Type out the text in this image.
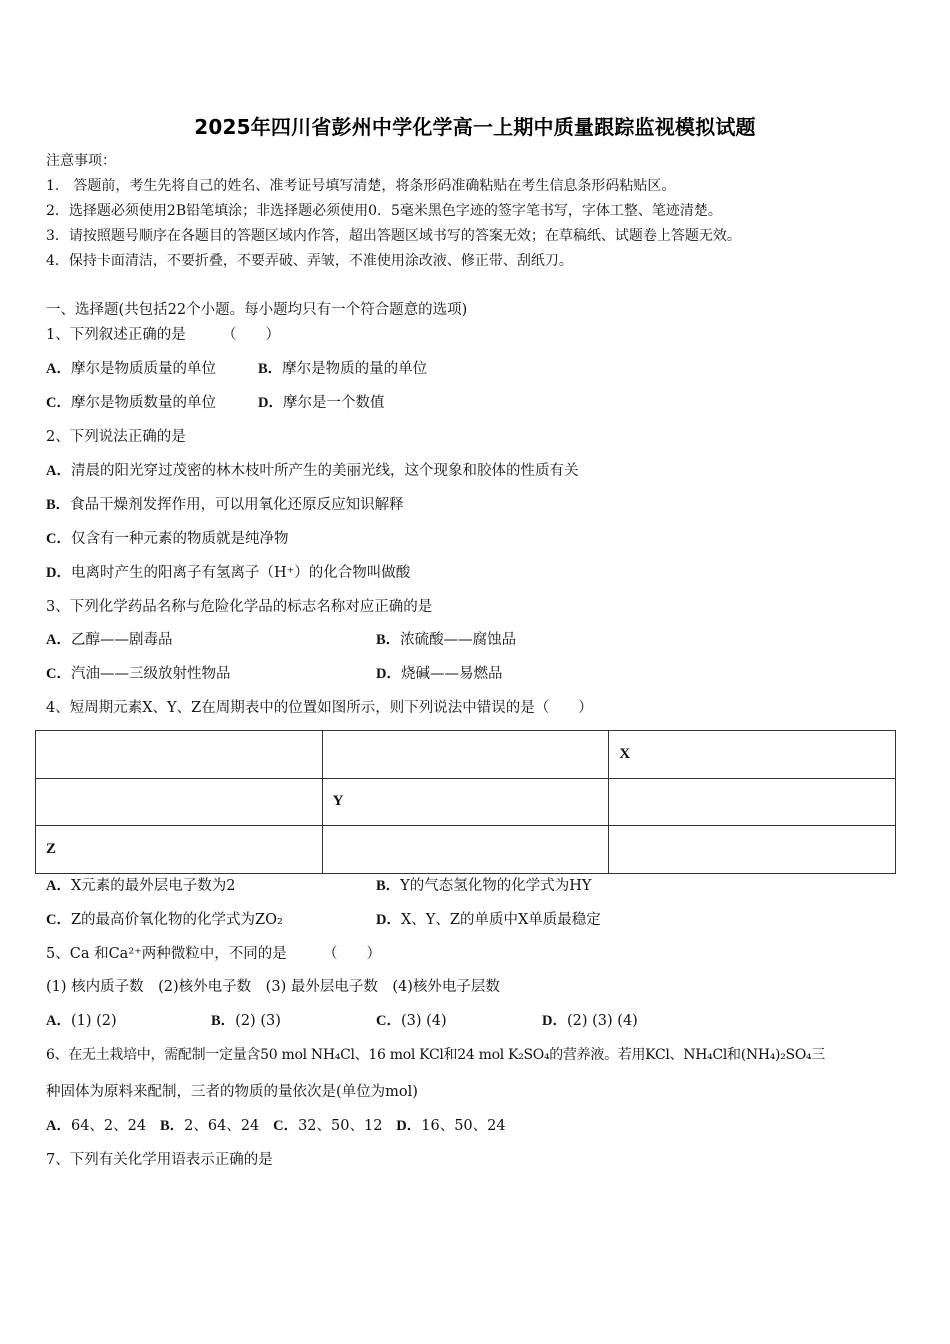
2025年四川省彭州中学化学高一上期中质量跟踪监视模拟试题
注意事项：
1.　答题前，考生先将自己的姓名、准考证号填写清楚，将条形码准确粘贴在考生信息条形码粘贴区。
2．选择题必须使用2B铅笔填涂；非选择题必须使用0．5毫米黑色字迹的签字笔书写，字体工整、笔迹清楚。
3．请按照题号顺序在各题目的答题区域内作答，超出答题区域书写的答案无效；在草稿纸、试题卷上答题无效。
4．保持卡面清洁，不要折叠，不要弄破、弄皱，不准使用涂改液、修正带、刮纸刀。
一、选择题(共包括22个小题。每小题均只有一个符合题意的选项)
1、下列叙述正确的是　　　（　　）
A．摩尔是物质质量的单位	B．摩尔是物质的量的单位
C．摩尔是物质数量的单位	D．摩尔是一个数值
2、下列说法正确的是
A．清晨的阳光穿过茂密的林木枝叶所产生的美丽光线，这个现象和胶体的性质有关
B．食品干燥剂发挥作用，可以用氧化还原反应知识解释
C．仅含有一种元素的物质就是纯净物
D．电离时产生的阳离子有氢离子（H⁺）的化合物叫做酸
3、下列化学药品名称与危险化学品的标志名称对应正确的是
A．乙醇——剧毒品	B．浓硫酸——腐蚀品
C．汽油——三级放射性物品	D．烧碱——易燃品
4、短周期元素X、Y、Z在周期表中的位置如图所示，则下列说法中错误的是（　　）
		X
	Y	
Z		
A．X元素的最外层电子数为2	B．Y的气态氢化物的化学式为HY
C．Z的最高价氧化物的化学式为ZO₂	D．X、Y、Z的单质中X单质最稳定
5、Ca 和Ca²⁺两种微粒中，不同的是　　　（　　）
(1) 核内质子数　(2)核外电子数　(3) 最外层电子数　(4)核外电子层数
A．(1) (2)	B．(2) (3)	C．(3) (4)	D．(2) (3) (4)
6、在无土栽培中，需配制一定量含50 mol NH₄Cl、16 mol KCl和24 mol K₂SO₄的营养液。若用KCl、NH₄Cl和(NH₄)₂SO₄三
种固体为原料来配制，三者的物质的量依次是(单位为mol)
A．64、2、24 B．2、64、24 C．32、50、12 D．16、50、24
7、下列有关化学用语表示正确的是
